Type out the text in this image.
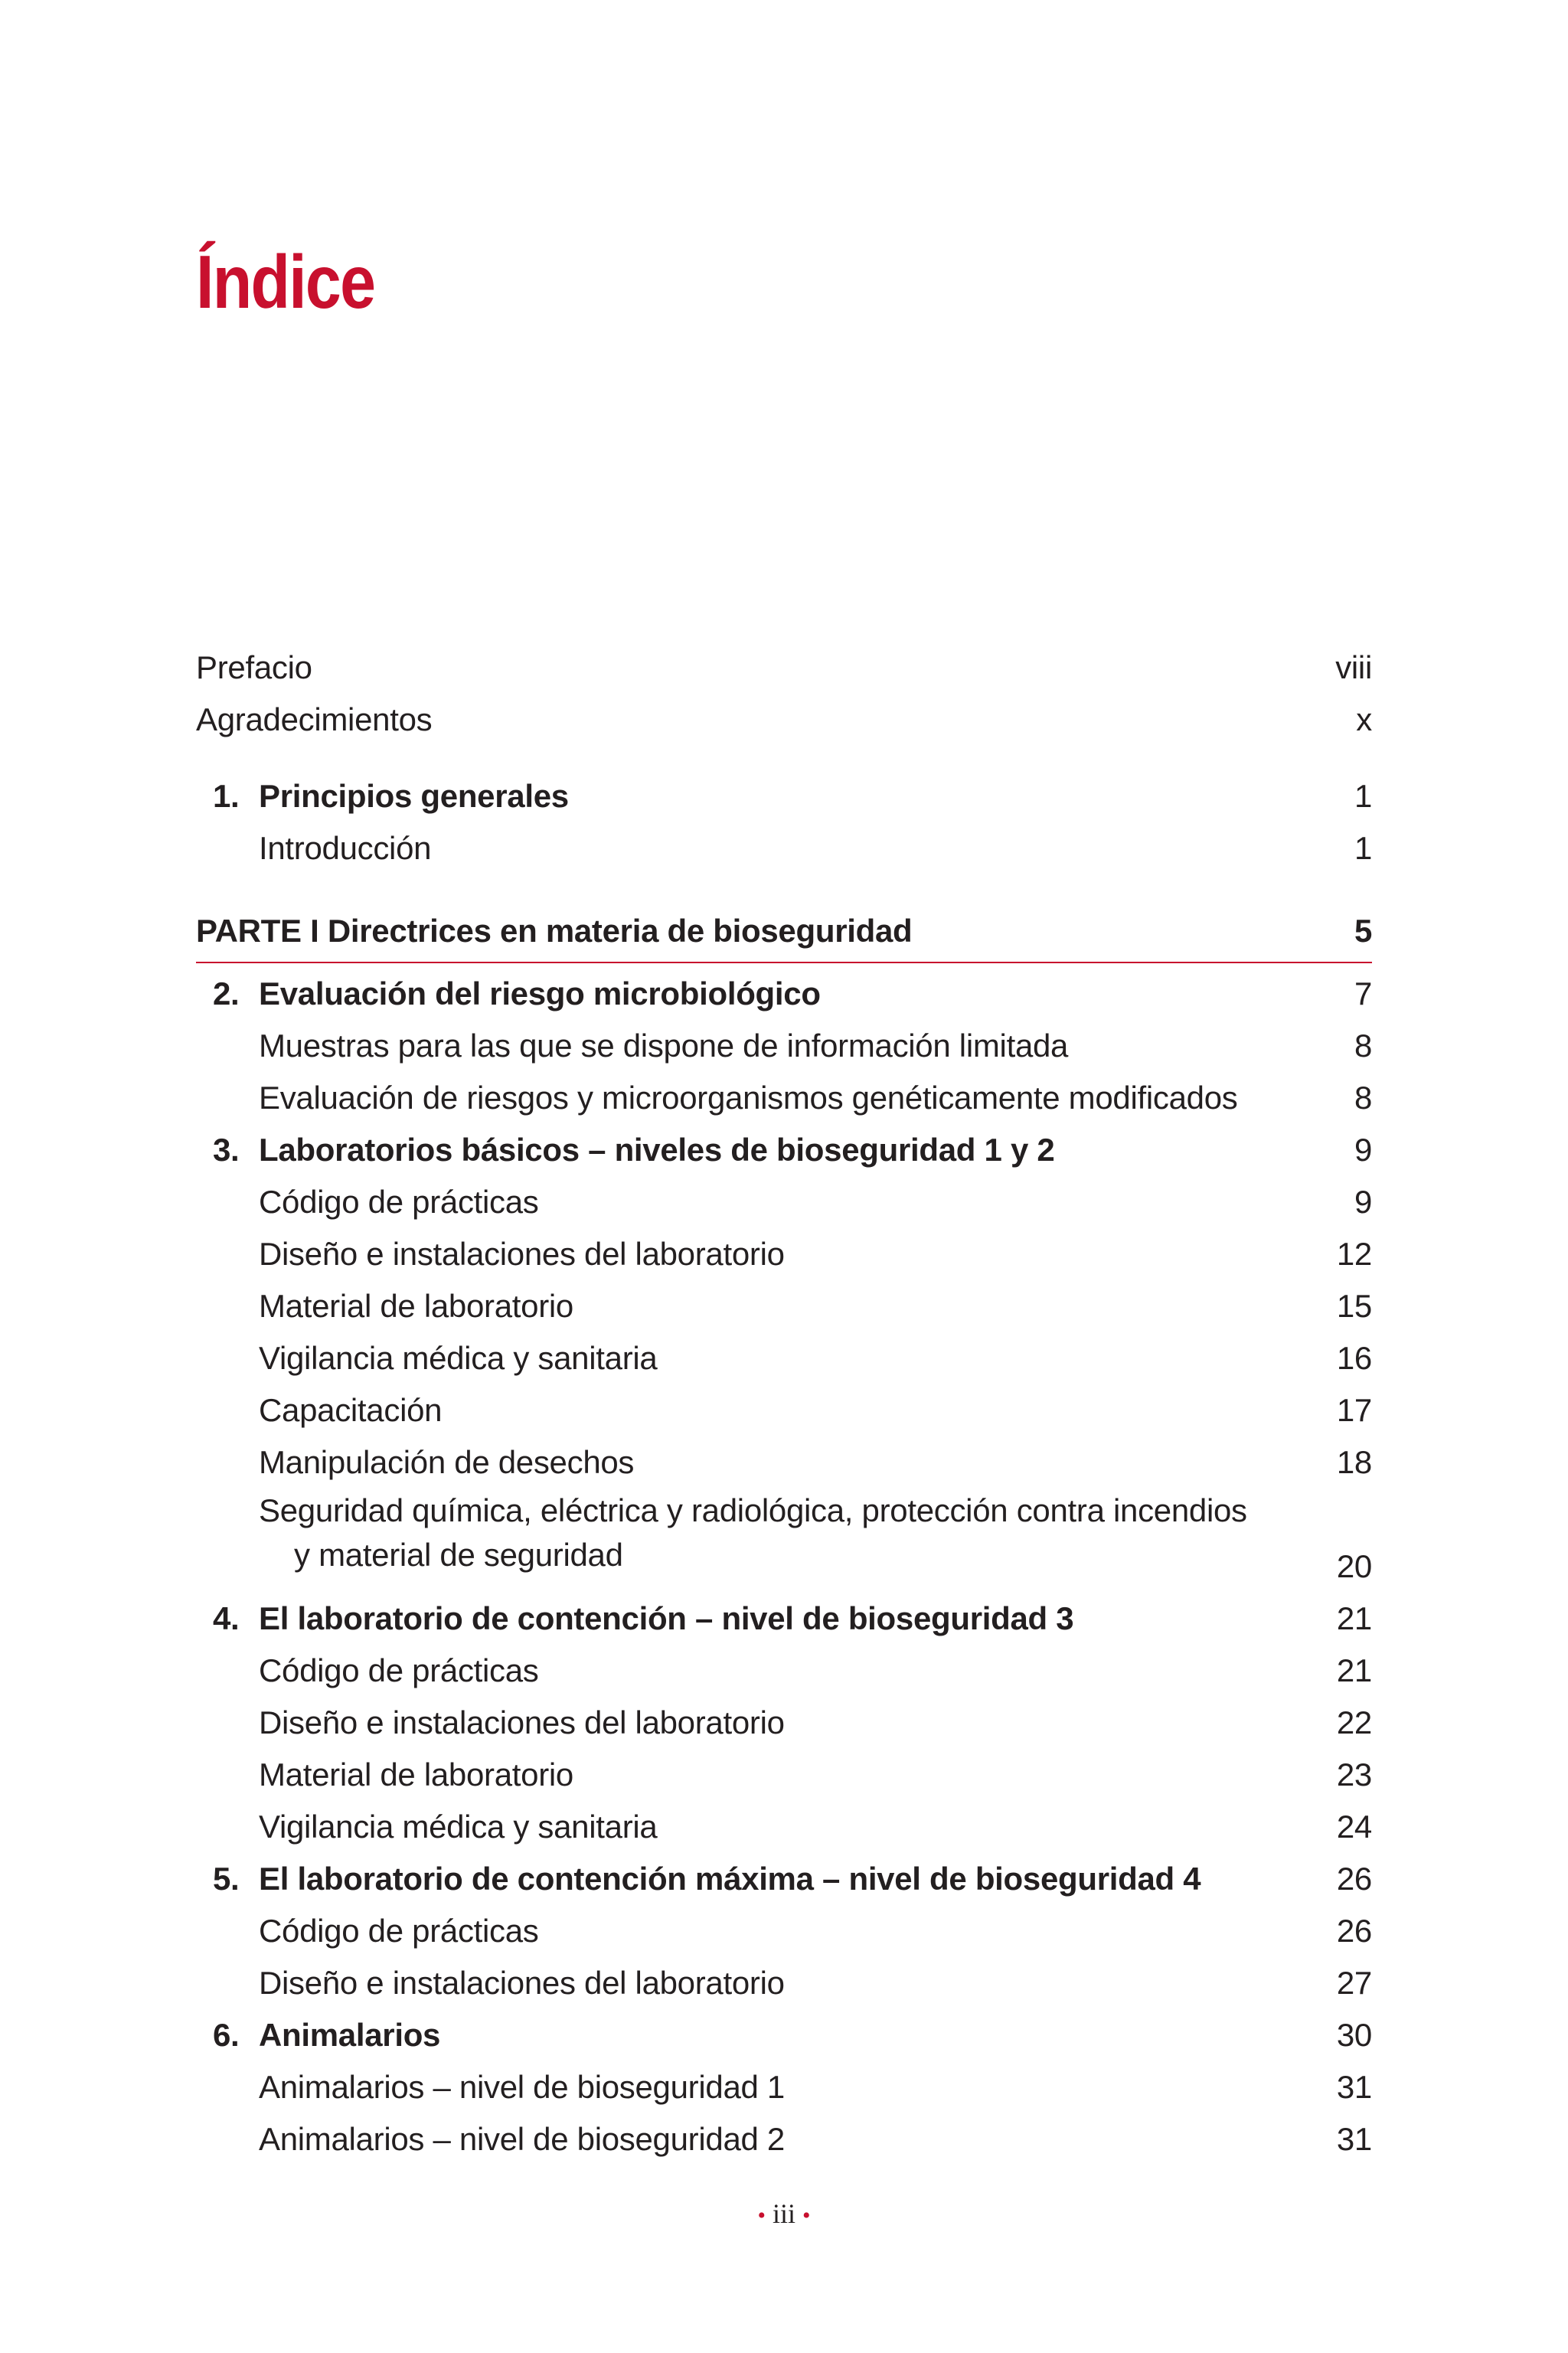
Índice
Prefacio	viii
Agradecimientos	x
1. Principios generales	1
Introducción	1
PARTE I Directrices en materia de bioseguridad	5
2. Evaluación del riesgo microbiológico	7
Muestras para las que se dispone de información limitada	8
Evaluación de riesgos y microorganismos genéticamente modificados	8
3. Laboratorios básicos – niveles de bioseguridad 1 y 2	9
Código de prácticas	9
Diseño e instalaciones del laboratorio	12
Material de laboratorio	15
Vigilancia médica y sanitaria	16
Capacitación	17
Manipulación de desechos	18
Seguridad química, eléctrica y radiológica, protección contra incendios
y material de seguridad	20
4. El laboratorio de contención – nivel de bioseguridad 3	21
Código de prácticas	21
Diseño e instalaciones del laboratorio	22
Material de laboratorio	23
Vigilancia médica y sanitaria	24
5. El laboratorio de contención máxima – nivel de bioseguridad 4	26
Código de prácticas	26
Diseño e instalaciones del laboratorio	27
6. Animalarios	30
Animalarios – nivel de bioseguridad 1	31
Animalarios – nivel de bioseguridad 2	31
• iii •
